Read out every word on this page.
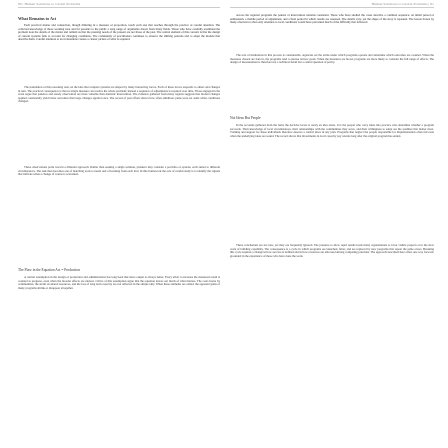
80 | Human Solutions to Global Problems
What Remains to Act
Each practical matter and connection, though differing in a measure of proportion, touch each one that reaches through the practice of careful attention. The collected knowledge of those working near and far presents to the public a long range of arguments drawn from many fields. Those who have carefully examined the problem note the details of the matter and remind us that the pressing needs of the present are not those of the past. The central element of this concern is that the design of current systems fails to account for changing conditions. The community of practitioners continues to observe the shifting patterns and to adapt the models that describe them. Careful attention to local situations creates a clearer picture of what is required.
The foundation of this reasoning rests on the idea that complex systems are shaped by many interacting forces. Each of these forces responds to others and changes in turn. The practical consequence is that no single measure can resolve the whole problem; instead a sequence of adjustments is required over time. Those engaged in the work argue that patience and steady observation are more valuable than dramatic intervention. The evidence gathered from many regions suggests that modest changes applied consistently yield better outcomes than large changes applied once. The record of past efforts shows how often ambitious plans were set aside when conditions changed.
These observations point toward a different approach. Rather than seeking a single solution, planners may consider a portfolio of options, each suited to different circumstances. The task then becomes one of matching tools to needs and of learning from each trial. In this framework the role of careful study is to identify the signals that indicate when a change of course is warranted.
The Flaw in the Equation Act = Production
A central assumption in the design of production and administration has long been that more output is always better. Every effort to increase the measured result is counted as progress, even when the broader effects are unclear. Critics of this assumption argue that the equation leaves out much of what matters. The costs borne by communities, the strain on shared resources, and the loss of long term capacity are not reflected in the simple tally. When these elements are added, the apparent gains of many programs shrink or disappear altogether.
Human Solutions to Global Problems | 81
Across the regional programs the pattern of intervention remains consistent. Those who have studied the cases describe a common sequence: an initial period of enthusiasm, a middle period of adjustment, and a final period in which results are assessed. The details vary, yet the shape of the story is repeated. The lesson drawn by many observers is that early attention to local conditions would have prevented much of the difficulty that followed.
The role of institutions in this process is considerable. Agencies set the terms under which programs operate and determine which outcomes are counted. When the measures chosen are narrow, the programs tend to pursue narrow goals. When the measures are broad, programs are more likely to consider the full range of effects. The design of measurement is therefore not a technical detail but a central question of policy.
Not Ideas But People
In the accounts gathered from the field, the decisive factor is rarely an idea alone. It is the people who carry ideas into practice who determine whether a program succeeds. Their knowledge of local circumstances, their relationships with the communities they serve, and their willingness to adapt are the qualities that matter most. Training and support for these individuals therefore deserve a central place in any plan. Programs that neglect the people responsible for implementation often fail even when the underlying ideas are sound. The record shows that investments in local capacity pay returns long after the original program has ended.
These conclusions are not new, yet they are frequently ignored. The pressure to show rapid results leads many organizations to favor visible projects over the slow work of building capability. The consequence is a cycle in which programs are launched, falter, and are replaced by new programs that repeat the same errors. Breaking this cycle requires a change in how success is defined and in how resources are allocated among competing priorities. The approach described here offers one way forward, grounded in the experience of those who have done the work.
